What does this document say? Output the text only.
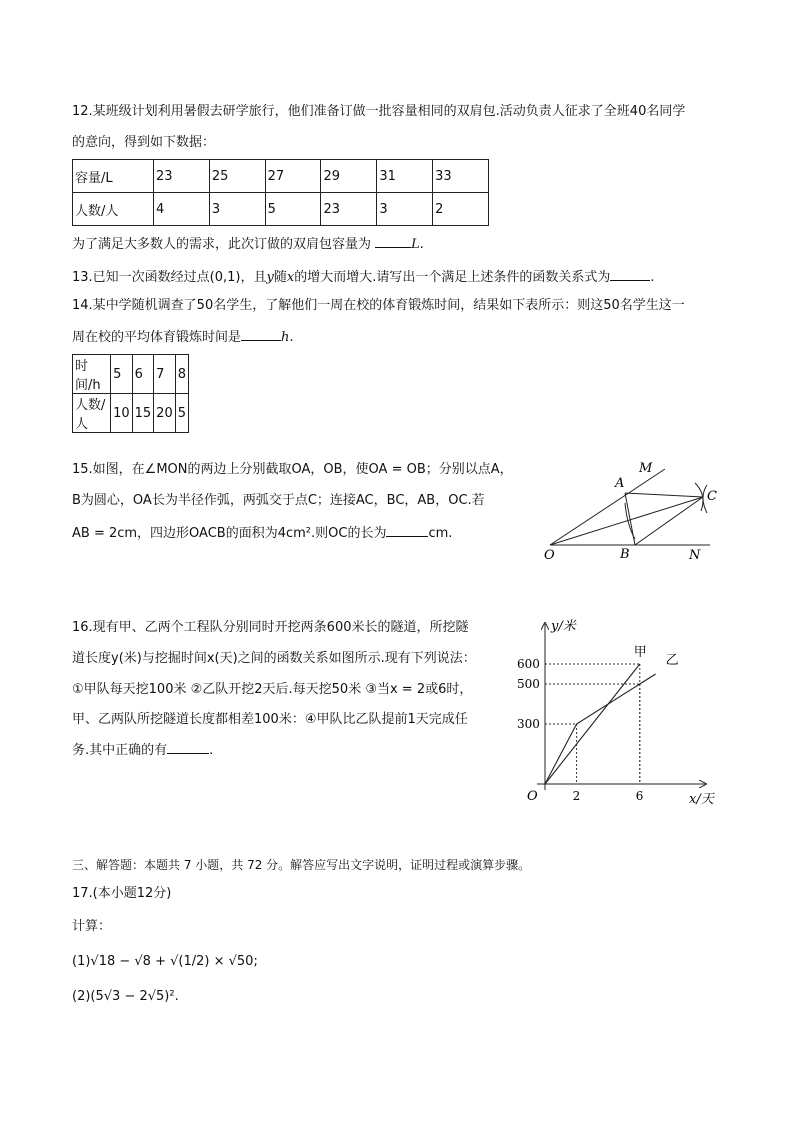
12.某班级计划利用暑假去研学旅行，他们准备订做一批容量相同的双肩包.活动负责人征求了全班40名同学
的意向，得到如下数据：
容量/L	23	25	27	29	31	33
人数/人	4	3	5	23	3	2
为了满足大多数人的需求，此次订做的双肩包容量为	L.
13.已知一次函数经过点(0,1)，且y随x的增大而增大.请写出一个满足上述条件的函数关系式为	.
14.某中学随机调查了50名学生，了解他们一周在校的体育锻炼时间，结果如下表所示：则这50名学生这一
周在校的平均体育锻炼时间是	h.
时间/h	5	6	7	8
人数/人	10	15	20	5
15.如图，在∠MON的两边上分别截取OA，OB，使OA = OB；分别以点A，
B为圆心，OA长为半径作弧，两弧交于点C；连接AC，BC，AB，OC.若
AB = 2cm，四边形OACB的面积为4cm².则OC的长为	cm.
O
A
B
C
M
N
16.现有甲、乙两个工程队分别同时开挖两条600米长的隧道，所挖隧
道长度y(米)与挖掘时间x(天)之间的函数关系如图所示.现有下列说法：
①甲队每天挖100米 ②乙队开挖2天后.每天挖50米 ③当x = 2或6时，
甲、乙两队所挖隧道长度都相差100米：④甲队比乙队提前1天完成任
务.其中正确的有	.
甲
乙
2	6
300
500
600
y/米
x/天
O
三、解答题：本题共 7 小题，共 72 分。解答应写出文字说明，证明过程或演算步骤。
17.(本小题12分)
计算：
(1)√18 − √8 + √(1/2) × √50;
(2)(5√3 − 2√5)².
